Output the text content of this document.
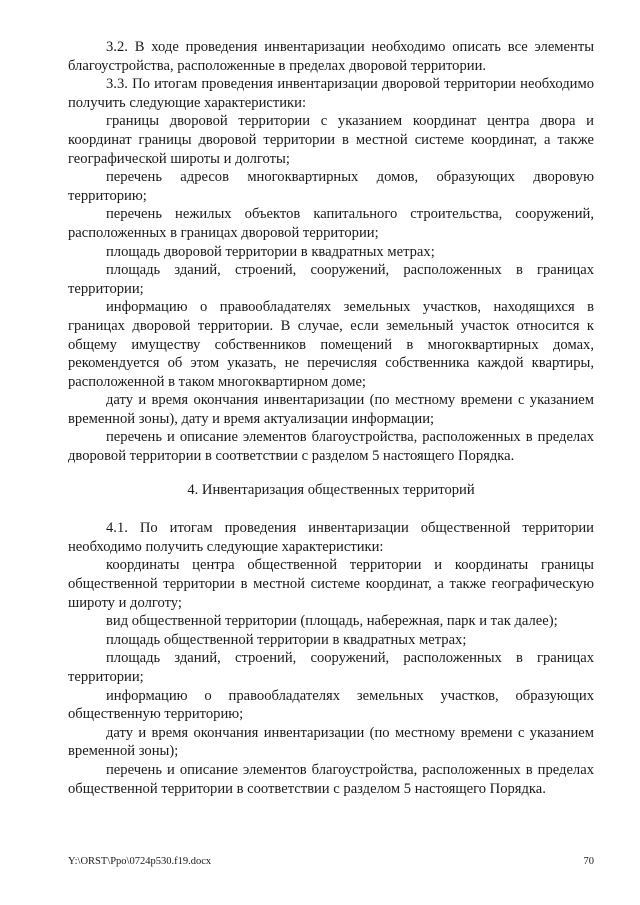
3.2. В ходе проведения инвентаризации необходимо описать все элементы благоустройства, расположенные в пределах дворовой территории.

3.3. По итогам проведения инвентаризации дворовой территории необходимо получить следующие характеристики:

границы дворовой территории с указанием координат центра двора и координат границы дворовой территории в местной системе координат, а также географической широты и долготы;

перечень адресов многоквартирных домов, образующих дворовую территорию;

перечень нежилых объектов капитального строительства, сооружений, расположенных в границах дворовой территории;

площадь дворовой территории в квадратных метрах;

площадь зданий, строений, сооружений, расположенных в границах территории;

информацию о правообладателях земельных участков, находящихся в границах дворовой территории. В случае, если земельный участок относится к общему имуществу собственников помещений в многоквартирных домах, рекомендуется об этом указать, не перечисляя собственника каждой квартиры, расположенной в таком многоквартирном доме;

дату и время окончания инвентаризации (по местному времени с указанием временной зоны), дату и время актуализации информации;

перечень и описание элементов благоустройства, расположенных в пределах дворовой территории в соответствии с разделом 5 настоящего Порядка.

4. Инвентаризация общественных территорий

4.1. По итогам проведения инвентаризации общественной территории необходимо получить следующие характеристики:

координаты центра общественной территории и координаты границы общественной территории в местной системе координат, а также географическую широту и долготу;

вид общественной территории (площадь, набережная, парк и так далее);

площадь общественной территории в квадратных метрах;

площадь зданий, строений, сооружений, расположенных в границах территории;

информацию о правообладателях земельных участков, образующих общественную территорию;

дату и время окончания инвентаризации (по местному времени с указанием временной зоны);

перечень и описание элементов благоустройства, расположенных в пределах общественной территории в соответствии с разделом 5 настоящего Порядка.

Y:\ORST\Ppo\0724p530.f19.docx	70
